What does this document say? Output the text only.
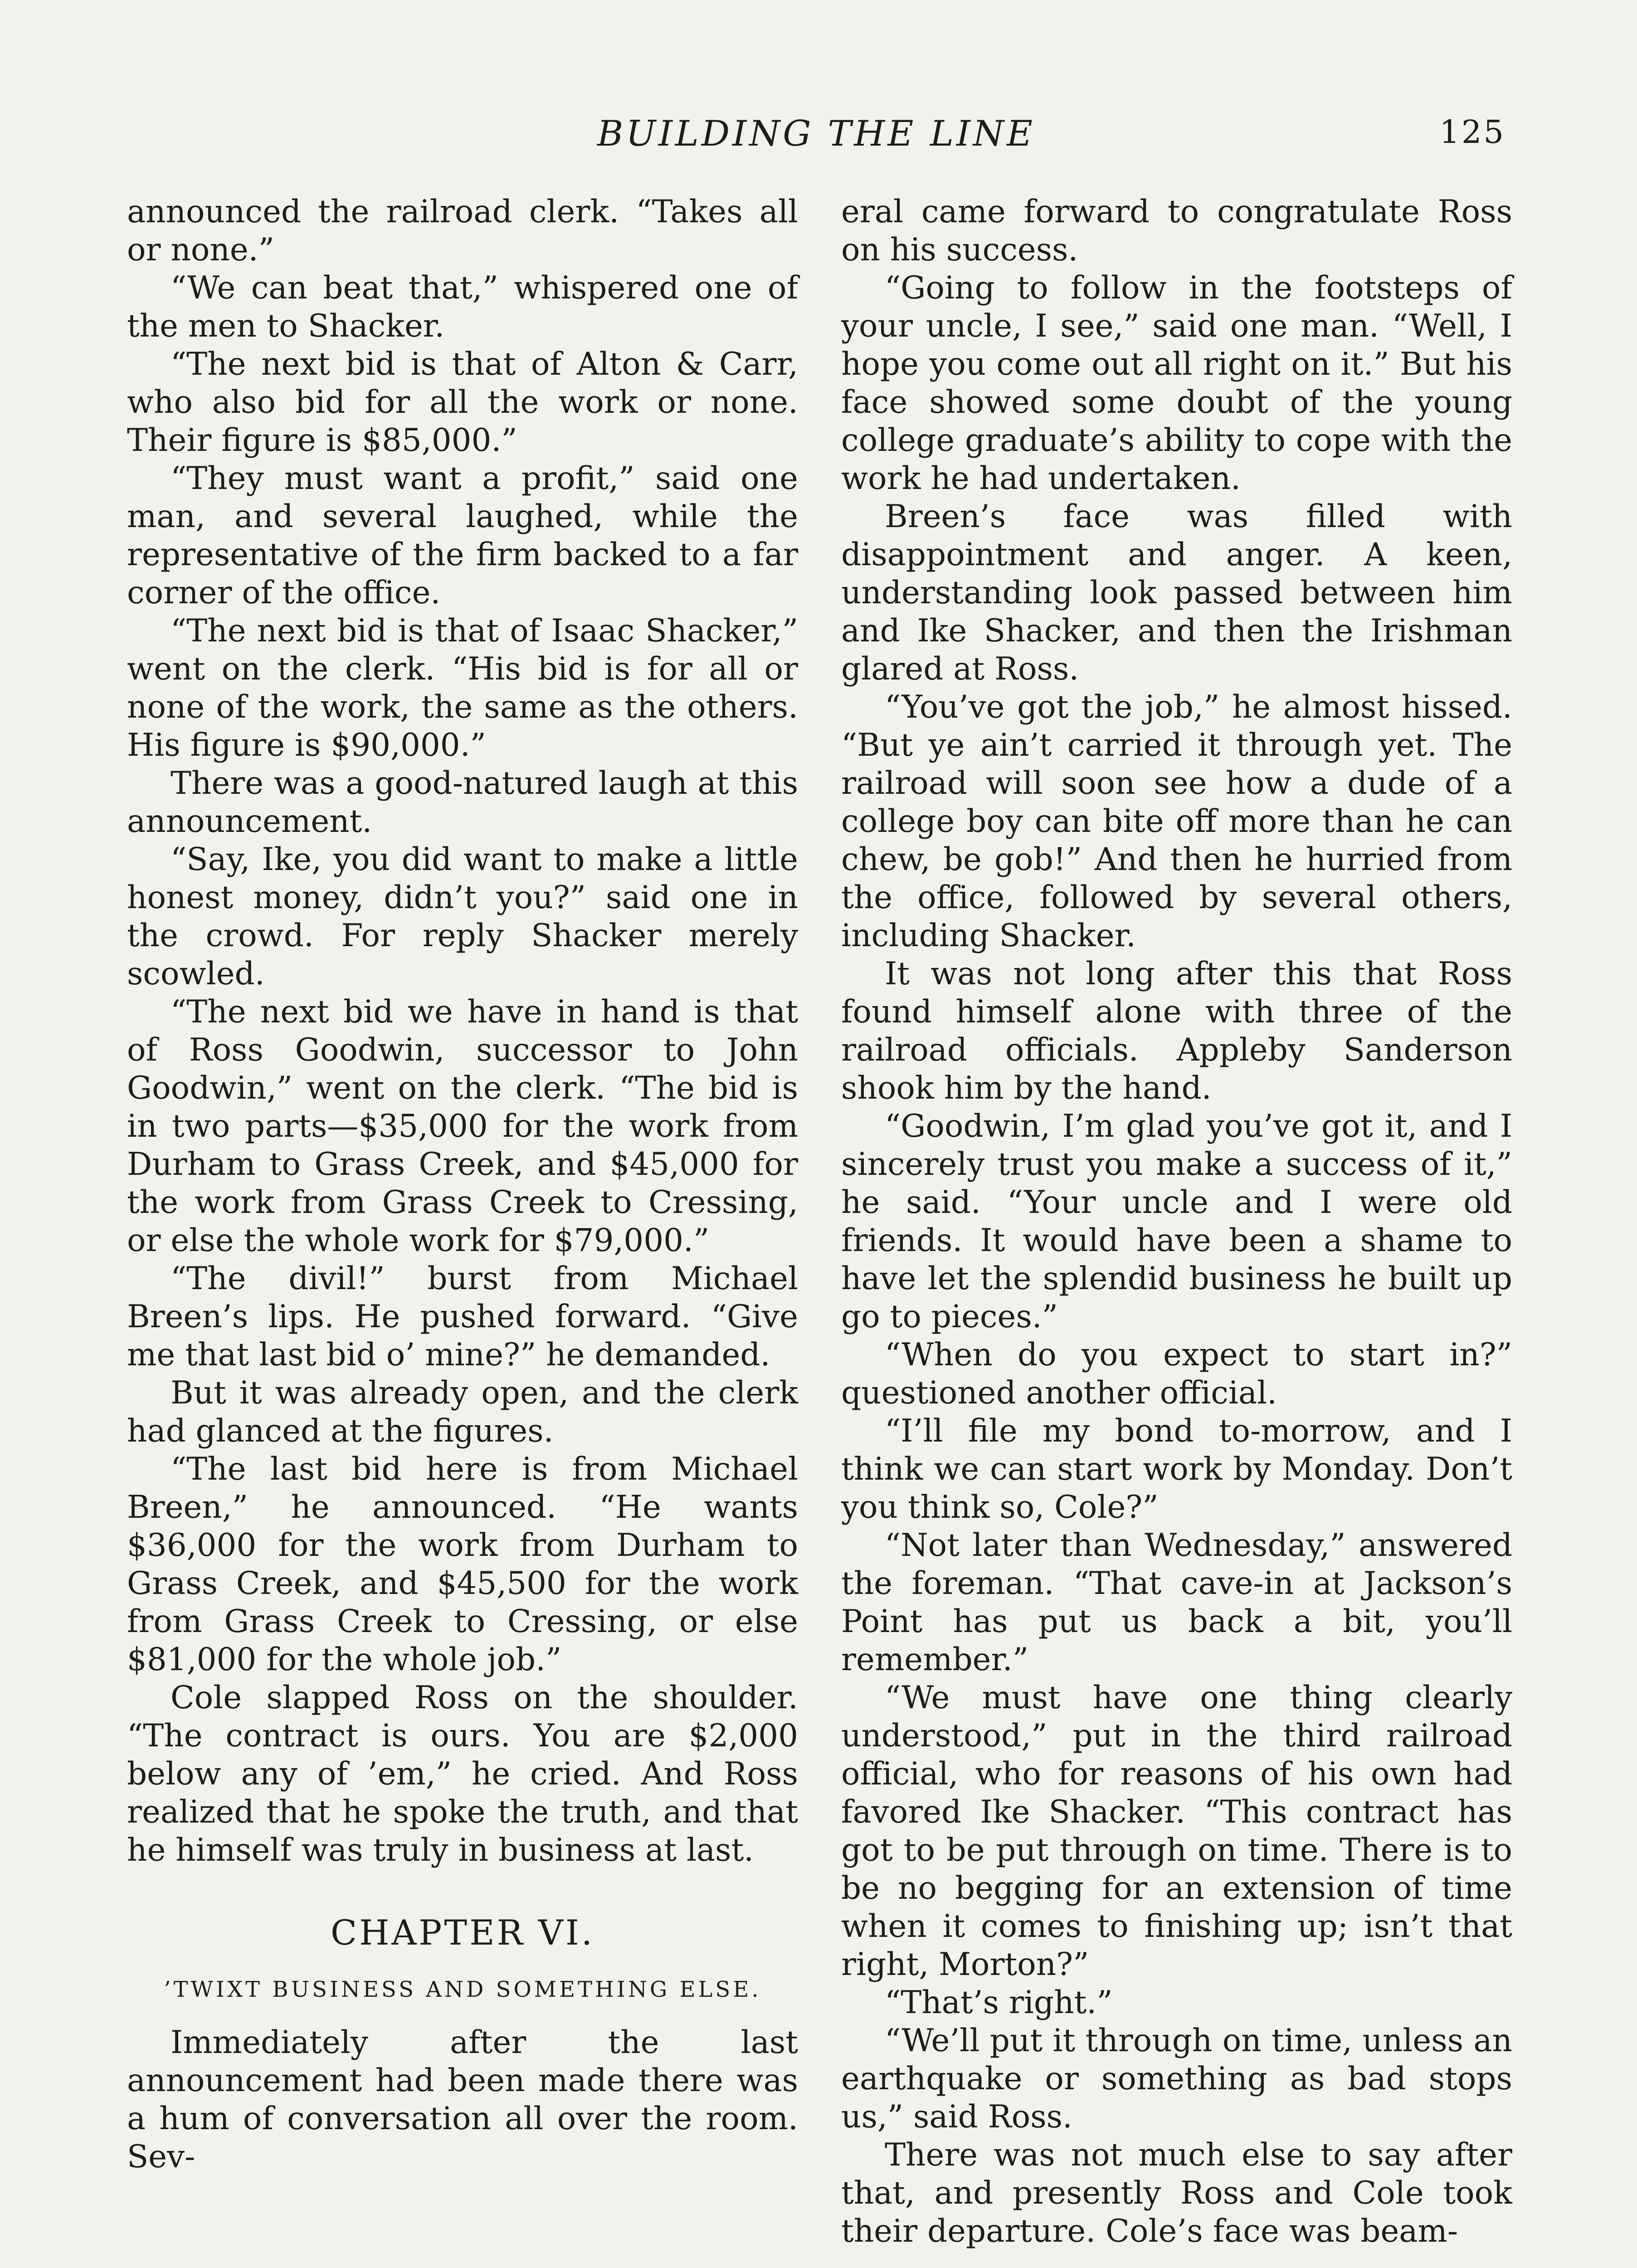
BUILDING THE LINE	125

announced the railroad clerk. “Takes all or none.”

“We can beat that,” whispered one of the men to Shacker.

“The next bid is that of Alton & Carr, who also bid for all the work or none. Their figure is $85,000.”

“They must want a profit,” said one man, and several laughed, while the representative of the firm backed to a far corner of the office.

“The next bid is that of Isaac Shacker,” went on the clerk. “His bid is for all or none of the work, the same as the others. His figure is $90,000.”

There was a good-natured laugh at this announcement.

“Say, Ike, you did want to make a little honest money, didn’t you?” said one in the crowd. For reply Shacker merely scowled.

“The next bid we have in hand is that of Ross Goodwin, successor to John Goodwin,” went on the clerk. “The bid is in two parts—$35,000 for the work from Durham to Grass Creek, and $45,000 for the work from Grass Creek to Cressing, or else the whole work for $79,000.”

“The divil!” burst from Michael Breen’s lips. He pushed forward. “Give me that last bid o’ mine?” he demanded.

But it was already open, and the clerk had glanced at the figures.

“The last bid here is from Michael Breen,” he announced. “He wants $36,000 for the work from Durham to Grass Creek, and $45,500 for the work from Grass Creek to Cressing, or else $81,000 for the whole job.”

Cole slapped Ross on the shoulder. “The contract is ours. You are $2,000 below any of ’em,” he cried. And Ross realized that he spoke the truth, and that he himself was truly in business at last.

CHAPTER VI.
’TWIXT BUSINESS AND SOMETHING ELSE.

Immediately after the last announcement had been made there was a hum of conversation all over the room. Sev-

eral came forward to congratulate Ross on his success.

“Going to follow in the footsteps of your uncle, I see,” said one man. “Well, I hope you come out all right on it.” But his face showed some doubt of the young college graduate’s ability to cope with the work he had undertaken.

Breen’s face was filled with disappointment and anger. A keen, understanding look passed between him and Ike Shacker, and then the Irishman glared at Ross.

“You’ve got the job,” he almost hissed. “But ye ain’t carried it through yet. The railroad will soon see how a dude of a college boy can bite off more than he can chew, be gob!” And then he hurried from the office, followed by several others, including Shacker.

It was not long after this that Ross found himself alone with three of the railroad officials. Appleby Sanderson shook him by the hand.

“Goodwin, I’m glad you’ve got it, and I sincerely trust you make a success of it,” he said. “Your uncle and I were old friends. It would have been a shame to have let the splendid business he built up go to pieces.”

“When do you expect to start in?” questioned another official.

“I’ll file my bond to-morrow, and I think we can start work by Monday. Don’t you think so, Cole?”

“Not later than Wednesday,” answered the foreman. “That cave-in at Jackson’s Point has put us back a bit, you’ll remember.”

“We must have one thing clearly understood,” put in the third railroad official, who for reasons of his own had favored Ike Shacker. “This contract has got to be put through on time. There is to be no begging for an extension of time when it comes to finishing up; isn’t that right, Morton?”

“That’s right.”

“We’ll put it through on time, unless an earthquake or something as bad stops us,” said Ross.

There was not much else to say after that, and presently Ross and Cole took their departure. Cole’s face was beam-
